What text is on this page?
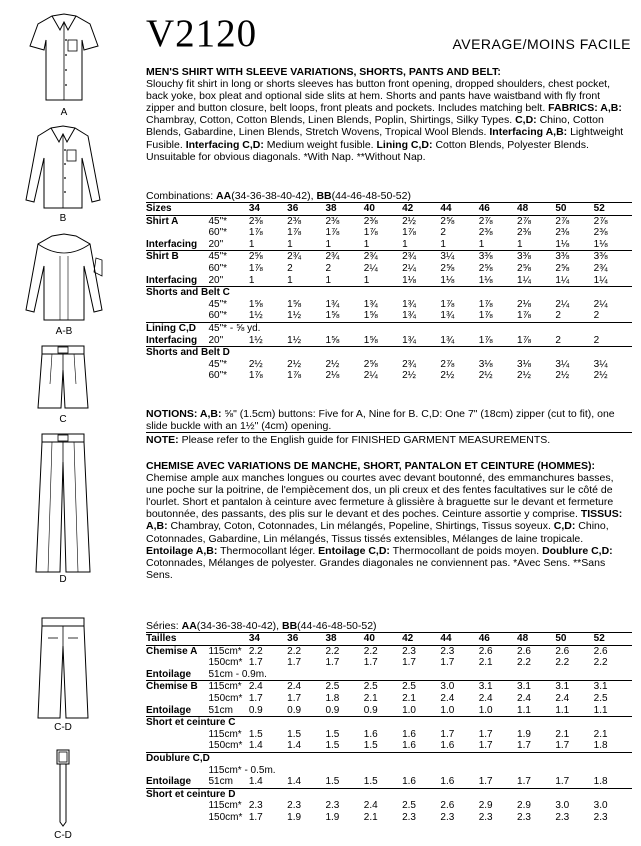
A
B
A-B
C
D
C-D
C-D
V2120	AVERAGE/MOINS FACILE
MEN'S SHIRT WITH SLEEVE VARIATIONS, SHORTS, PANTS AND BELT:
Slouchy fit shirt in long or shorts sleeves has button front opening, dropped shoulders, chest pocket, back yoke, box pleat and optional side slits at hem. Shorts and pants have waistband with fly front zipper and button closure, belt loops, front pleats and pockets. Includes matching belt. FABRICS: A,B: Chambray, Cotton, Cotton Blends, Linen Blends, Poplin, Shirtings, Silky Types. C,D: Chino, Cotton Blends, Gabardine, Linen Blends, Stretch Wovens, Tropical Wool Blends. Interfacing A,B: Lightweight Fusible. Interfacing C,D: Medium weight fusible. Lining C,D: Cotton Blends, Polyester Blends. Unsuitable for obvious diagonals. *With Nap. **Without Nap.
Combinations: AA(34-36-38-40-42), BB(44-46-48-50-52)
Sizes		34	36	38	40	42	44	46	48	50	52
Shirt A	45"*	2⅜	2⅜	2⅜	2⅜	2½	2⅝	2⅞	2⅞	2⅞	2⅞
	60"*	1⅞	1⅞	1⅞	1⅞	1⅞	2	2⅜	2⅜	2⅜	2⅜
Interfacing	20"	1	1	1	1	1	1	1	1	1⅛	1⅛
Shirt B	45"*	2⅝	2¾	2¾	2¾	2¾	3¼	3⅜	3⅜	3⅜	3⅜
	60"*	1⅞	2	2	2¼	2¼	2⅝	2⅝	2⅝	2⅝	2¾
Interfacing	20"	1	1	1	1	1⅛	1⅛	1⅛	1¼	1¼	1¼
Shorts and Belt C											
	45"*	1⅝	1⅝	1¾	1¾	1¾	1⅞	1⅞	2⅛	2¼	2¼
	60"*	1½	1½	1⅝	1⅝	1¾	1¾	1⅞	1⅞	2	2
Lining C,D	45"* - ⅝ yd.										
Interfacing	20"	1½	1½	1⅝	1⅝	1¾	1¾	1⅞	1⅞	2	2
Shorts and Belt D											
	45"*	2½	2½	2½	2⅝	2¾	2⅞	3⅛	3⅛	3¼	3¼
	60"*	1⅞	1⅞	2⅛	2¼	2½	2½	2½	2½	2½	2½
NOTIONS: A,B: ⅝" (1.5cm) buttons: Five for A, Nine for B. C,D: One 7" (18cm) zipper (cut to fit), one slide buckle with an 1½" (4cm) opening.
NOTE: Please refer to the English guide for FINISHED GARMENT MEASUREMENTS.
CHEMISE AVEC VARIATIONS DE MANCHE, SHORT, PANTALON ET CEINTURE (HOMMES): Chemise ample aux manches longues ou courtes avec devant boutonné, des emmanchures basses, une poche sur la poitrine, de l'empiècement dos, un pli creux et des fentes facultatives sur le côté de l'ourlet. Short et pantalon à ceinture avec fermeture à glissière à braguette sur le devant et fermeture boutonnée, des passants, des plis sur le devant et des poches. Ceinture assortie y comprise. TISSUS: A,B: Chambray, Coton, Cotonnades, Lin mélangés, Popeline, Shirtings, Tissus soyeux. C,D: Chino, Cotonnades, Gabardine, Lin mélangés, Tissus tissés extensibles, Mélanges de laine tropicale. Entoilage A,B: Thermocollant léger. Entoilage C,D: Thermocollant de poids moyen. Doublure C,D: Cotonnades, Mélanges de polyester. Grandes diagonales ne conviennent pas. *Avec Sens. **Sans Sens.
Séries: AA(34-36-38-40-42), BB(44-46-48-50-52)
Tailles		34	36	38	40	42	44	46	48	50	52
Chemise A	115cm*	2.2	2.2	2.2	2.2	2.3	2.3	2.6	2.6	2.6	2.6
	150cm*	1.7	1.7	1.7	1.7	1.7	1.7	2.1	2.2	2.2	2.2
Entoilage	51cm - 0.9m.										
Chemise B	115cm*	2.4	2.4	2.5	2.5	2.5	3.0	3.1	3.1	3.1	3.1
	150cm*	1.7	1.7	1.8	2.1	2.1	2.4	2.4	2.4	2.4	2.5
Entoilage	51cm	0.9	0.9	0.9	0.9	1.0	1.0	1.0	1.1	1.1	1.1
Short et ceinture C											
	115cm*	1.5	1.5	1.5	1.6	1.6	1.7	1.7	1.9	2.1	2.1
	150cm*	1.4	1.4	1.5	1.5	1.6	1.6	1.7	1.7	1.7	1.8
Doublure C,D											
	115cm* - 0.5m.										
Entoilage	51cm	1.4	1.4	1.5	1.5	1.6	1.6	1.7	1.7	1.7	1.8
Short et ceinture D											
	115cm*	2.3	2.3	2.3	2.4	2.5	2.6	2.9	2.9	3.0	3.0
	150cm*	1.7	1.9	1.9	2.1	2.3	2.3	2.3	2.3	2.3	2.3
